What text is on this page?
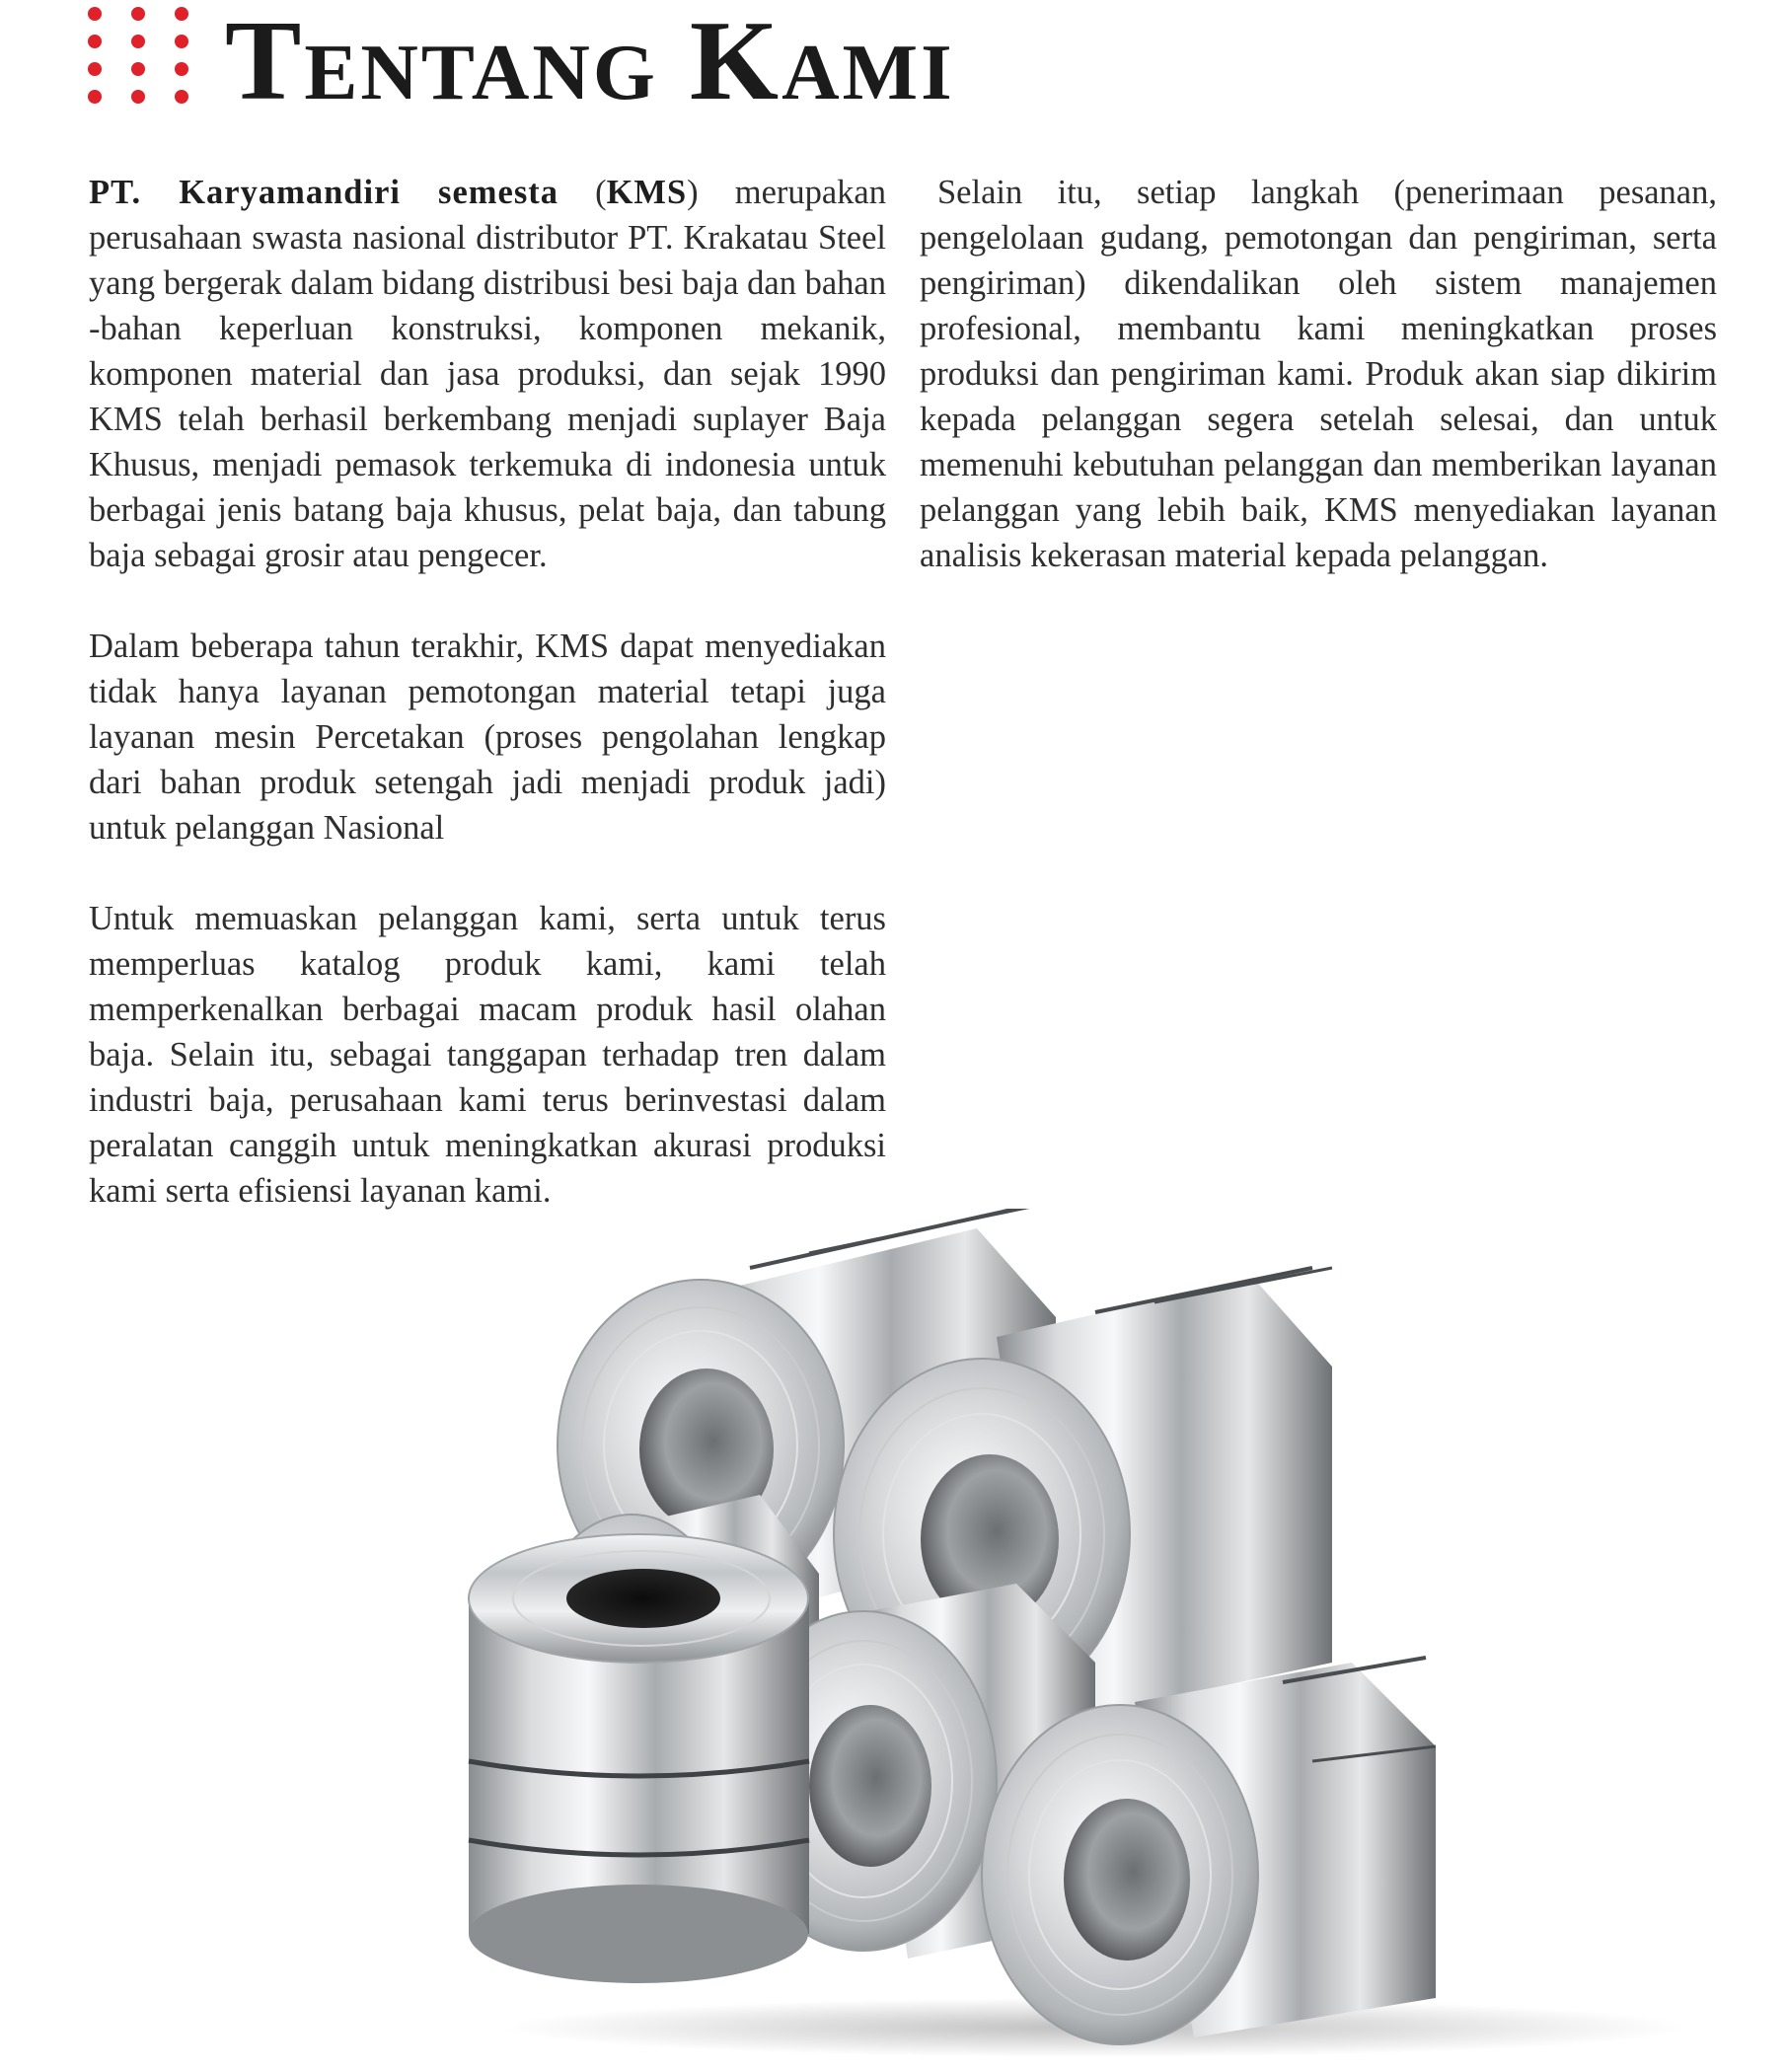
Tentang Kami

PT. Karyamandiri semesta (KMS) merupakan perusahaan swasta nasional distributor PT. Krakatau Steel yang bergerak dalam bidang distribusi besi baja dan bahan -bahan keperluan konstruksi, komponen mekanik, komponen material dan jasa produksi, dan sejak 1990 KMS telah berhasil berkembang menjadi suplayer Baja Khusus, menjadi pemasok terkemuka di indonesia untuk berbagai jenis batang baja khusus, pelat baja, dan tabung baja sebagai grosir atau pengecer.

Dalam beberapa tahun terakhir, KMS dapat menyediakan tidak hanya layanan pemotongan material tetapi juga layanan mesin Percetakan (proses pengolahan lengkap dari bahan produk setengah jadi menjadi produk jadi) untuk pelanggan Nasional

Untuk memuaskan pelanggan kami, serta untuk terus memperluas katalog produk kami, kami telah memperkenalkan berbagai macam produk hasil olahan baja. Selain itu, sebagai tanggapan terhadap tren dalam industri baja, perusahaan kami terus berinvestasi dalam peralatan canggih untuk meningkatkan akurasi produksi kami serta efisiensi layanan kami.

Selain itu, setiap langkah (penerimaan pesanan, pengelolaan gudang, pemotongan dan pengiriman, serta pengiriman) dikendalikan oleh sistem manajemen profesional, membantu kami meningkatkan proses produksi dan pengiriman kami. Produk akan siap dikirim kepada pelanggan segera setelah selesai, dan untuk memenuhi kebutuhan pelanggan dan memberikan layanan pelanggan yang lebih baik, KMS menyediakan layanan analisis kekerasan material kepada pelanggan.
